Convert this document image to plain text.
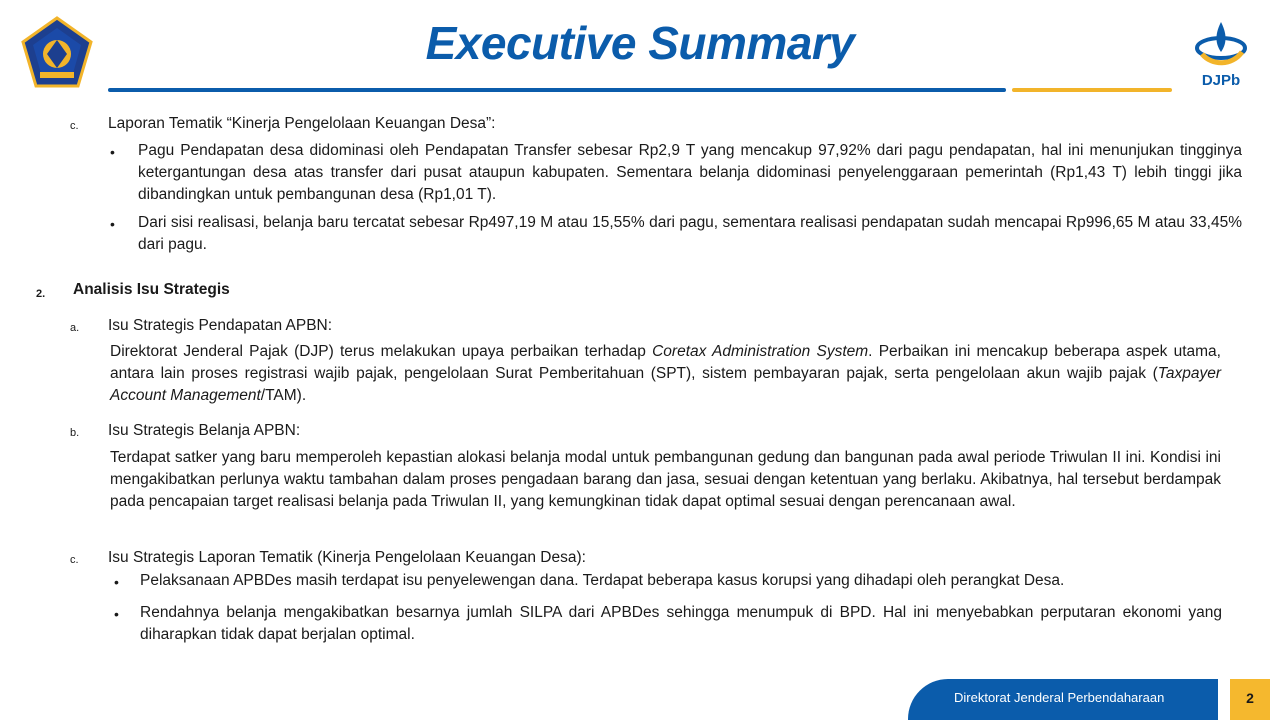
Executive Summary
DJPb
c. Laporan Tematik “Kinerja Pengelolaan Keuangan Desa”:
• Pagu Pendapatan desa didominasi oleh Pendapatan Transfer sebesar Rp2,9 T yang mencakup 97,92% dari pagu pendapatan, hal ini menunjukan tingginya ketergantungan desa atas transfer dari pusat ataupun kabupaten. Sementara belanja didominasi penyelenggaraan pemerintah (Rp1,43 T) lebih tinggi jika dibandingkan untuk pembangunan desa (Rp1,01 T).
• Dari sisi realisasi, belanja baru tercatat sebesar Rp497,19 M atau 15,55% dari pagu, sementara realisasi pendapatan sudah mencapai Rp996,65 M atau 33,45% dari pagu.
2. Analisis Isu Strategis
a. Isu Strategis Pendapatan APBN:
Direktorat Jenderal Pajak (DJP) terus melakukan upaya perbaikan terhadap Coretax Administration System. Perbaikan ini mencakup beberapa aspek utama, antara lain proses registrasi wajib pajak, pengelolaan Surat Pemberitahuan (SPT), sistem pembayaran pajak, serta pengelolaan akun wajib pajak (Taxpayer Account Management/TAM).
b. Isu Strategis Belanja APBN:
Terdapat satker yang baru memperoleh kepastian alokasi belanja modal untuk pembangunan gedung dan bangunan pada awal periode Triwulan II ini. Kondisi ini mengakibatkan perlunya waktu tambahan dalam proses pengadaan barang dan jasa, sesuai dengan ketentuan yang berlaku. Akibatnya, hal tersebut berdampak pada pencapaian target realisasi belanja pada Triwulan II, yang kemungkinan tidak dapat optimal sesuai dengan perencanaan awal.
c. Isu Strategis Laporan Tematik (Kinerja Pengelolaan Keuangan Desa):
• Pelaksanaan APBDes masih terdapat isu penyelewengan dana. Terdapat beberapa kasus korupsi yang dihadapi oleh perangkat Desa.
• Rendahnya belanja mengakibatkan besarnya jumlah SILPA dari APBDes sehingga menumpuk di BPD. Hal ini menyebabkan perputaran ekonomi yang diharapkan tidak dapat berjalan optimal.
Direktorat Jenderal Perbendaharaan	2
